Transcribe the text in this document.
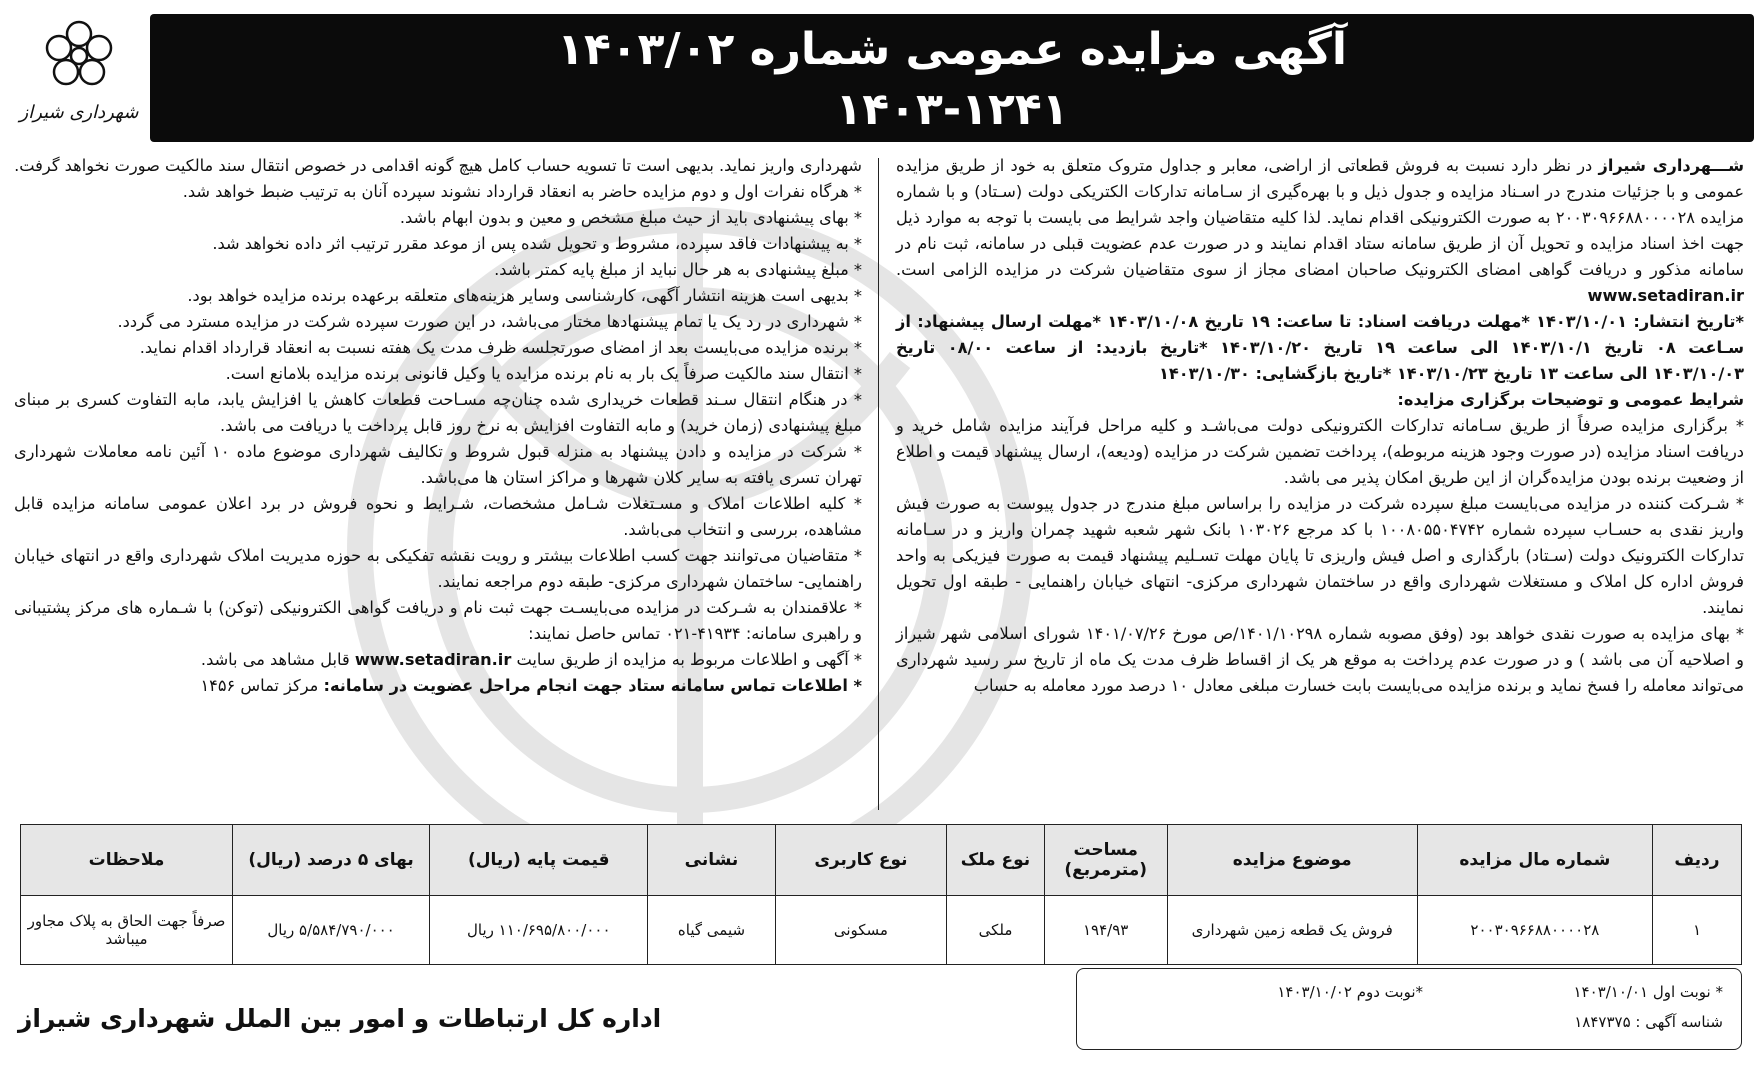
شهرداری شیراز
آگهی مزایده عمومی شماره ۱۴۰۳/۰۲
۱۴۰۳-۱۲۴۱

شـــهرداری شیراز در نظر دارد نسبت به فروش قطعاتی از اراضی، معابر و جداول متروک متعلق به خود از طریق مزایده عمومی و با جزئیات مندرج در اسـناد مزایده و جدول ذیل و با بهره‌گیری از سـامانه تدارکات الکتریکی دولت (سـتاد) و با شماره مزایده ۲۰۰۳۰۹۶۶۸۸۰۰۰۰۲۸ به صورت الکترونیکی اقدام نماید. لذا کلیه متقاضیان واجد شرایط می بایست با توجه به موارد ذیل جهت اخذ اسناد مزایده و تحویل آن از طریق سامانه ستاد اقدام نمایند و در صورت عدم عضویت قبلی در سامانه، ثبت نام در سامانه مذکور و دریافت گواهی امضای الکترونیک صاحبان امضای مجاز از سوی متقاضیان شرکت در مزایده الزامی است. www.setadiran.ir

*تاریخ انتشار: ۱۴۰۳/۱۰/۰۱ *مهلت دریافت اسناد: تا ساعت: ۱۹ تاریخ ۱۴۰۳/۱۰/۰۸ *مهلت ارسال پیشنهاد: از سـاعت ۰۸ تاریخ ۱۴۰۳/۱۰/۱ الی ساعت ۱۹ تاریخ ۱۴۰۳/۱۰/۲۰ *تاریخ بازدید: از ساعت ۰۸/۰۰ تاریخ ۱۴۰۳/۱۰/۰۳ الی ساعت ۱۳ تاریخ ۱۴۰۳/۱۰/۲۳ *تاریخ بازگشایی: ۱۴۰۳/۱۰/۳۰

شرایط عمومی و توضیحات برگزاری مزایده:

* برگزاری مزایده صرفاً از طریق سـامانه تدارکات الکترونیکی دولت می‌باشـد و کلیه مراحل فرآیند مزایده شامل خرید و دریافت اسناد مزایده (در صورت وجود هزینه مربوطه)، پرداخت تضمین شرکت در مزایده (ودیعه)، ارسال پیشنهاد قیمت و اطلاع از وضعیت برنده بودن مزایده‌گران از این طریق امکان پذیر می باشد.

* شـرکت کننده در مزایده می‌بایست مبلغ سپرده شرکت در مزایده را براساس مبلغ مندرج در جدول پیوست به صورت فیش واریز نقدی به حسـاب سپرده شماره ۱۰۰۸۰۵۵۰۴۷۴۲ با کد مرجع ۱۰۳۰۲۶ بانک شهر شعبه شهید چمران واریز و در سـامانه تدارکات الکترونیک دولت (سـتاد) بارگذاری و اصل فیش واریزی تا پایان مهلت تسـلیم پیشنهاد قیمت به صورت فیزیکی به واحد فروش اداره کل املاک و مستغلات شهرداری واقع در ساختمان شهرداری مرکزی- انتهای خیابان راهنمایی - طبقه اول تحویل نمایند.

* بهای مزایده به صورت نقدی خواهد بود (وفق مصوبه شماره ۱۴۰۱/۱۰۲۹۸/ص مورخ ۱۴۰۱/۰۷/۲۶ شورای اسلامی شهر شیراز و اصلاحیه آن می باشد ) و در صورت عدم پرداخت به موقع هر یک از اقساط ظرف مدت یک ماه از تاریخ سر رسید شهرداری می‌تواند معامله را فسخ نماید و برنده مزایده می‌بایست بابت خسارت مبلغی معادل ۱۰ درصد مورد معامله به حساب

شهرداری واریز نماید. بدیهی است تا تسویه حساب کامل هیچ گونه اقدامی در خصوص انتقال سند مالکیت صورت نخواهد گرفت.

* هرگاه نفرات اول و دوم مزایده حاضر به انعقاد قرارداد نشوند سپرده آنان به ترتیب ضبط خواهد شد.

* بهای پیشنهادی باید از حیث مبلغ مشخص و معین و بدون ابهام باشد.

* به پیشنهادات فاقد سپرده، مشروط و تحویل شده پس از موعد مقرر ترتیب اثر داده نخواهد شد.

* مبلغ پیشنهادی به هر حال نباید از مبلغ پایه کمتر باشد.

* بدیهی است هزینه انتشار آگهی، کارشناسی وسایر هزینه‌های متعلقه برعهده برنده مزایده خواهد بود.

* شهرداری در رد یک یا تمام پیشنهادها مختار می‌باشد، در این صورت سپرده شرکت در مزایده مسترد می گردد.

* برنده مزایده می‌بایست بعد از امضای صورتجلسه ظرف مدت یک هفته نسبت به انعقاد قرارداد اقدام نماید.

* انتقال سند مالکیت صرفاً یک بار به نام برنده مزایده یا وکیل قانونی برنده مزایده بلامانع است.

* در هنگام انتقال سـند قطعات خریداری شده چنان‌چه مسـاحت قطعات کاهش یا افزایش یابد، مابه التفاوت کسری بر مبنای مبلغ پیشنهادی (زمان خرید) و مابه التفاوت افزایش به نرخ روز قابل پرداخت یا دریافت می باشد.

* شرکت در مزایده و دادن پیشنهاد به منزله قبول شروط و تکالیف شهرداری موضوع ماده ۱۰ آئین نامه معاملات شهرداری تهران تسری یافته به سایر کلان شهرها و مراکز استان ها می‌باشد.

* کلیه اطلاعات املاک و مسـتغلات شـامل مشخصات، شـرایط و نحوه فروش در برد اعلان عمومی سامانه مزایده قابل مشاهده، بررسی و انتخاب می‌باشد.

* متقاضیان می‌توانند جهت کسب اطلاعات بیشتر و رویت نقشه تفکیکی به حوزه مدیریت املاک شهرداری واقع در انتهای خیابان راهنمایی- ساختمان شهرداری مرکزی- طبقه دوم مراجعه نمایند.

* علاقمندان به شـرکت در مزایده می‌بایسـت جهت ثبت نام و دریافت گواهی الکترونیکی (توکن) با شـماره های مرکز پشتیبانی و راهبری سامانه: ۴۱۹۳۴-۰۲۱ تماس حاصل نمایند:

* آگهی و اطلاعات مربوط به مزایده از طریق سایت www.setadiran.ir قابل مشاهد می باشد.

* اطلاعات تماس سامانه ستاد جهت انجام مراحل عضویت در سامانه: مرکز تماس ۱۴۵۶

ردیف	شماره مال مزایده	موضوع مزایده	مساحت (مترمربع)	نوع ملک	نوع کاربری	نشانی	قیمت پایه (ریال)	بهای ۵ درصد (ریال)	ملاحظات
۱	۲۰۰۳۰۹۶۶۸۸۰۰۰۰۲۸	فروش یک قطعه زمین شهرداری	۱۹۴/۹۳	ملکی	مسکونی	شیمی گیاه	۱۱۰/۶۹۵/۸۰۰/۰۰۰ ریال	۵/۵۸۴/۷۹۰/۰۰۰ ریال	صرفاً جهت الحاق به پلاک مجاور میباشد
* نوبت اول ۱۴۰۳/۱۰/۰۱
*نوبت دوم ۱۴۰۳/۱۰/۰۲
شناسه آگهی : ۱۸۴۷۳۷۵
اداره کل ارتباطات و امور بین الملل شهرداری شیراز
